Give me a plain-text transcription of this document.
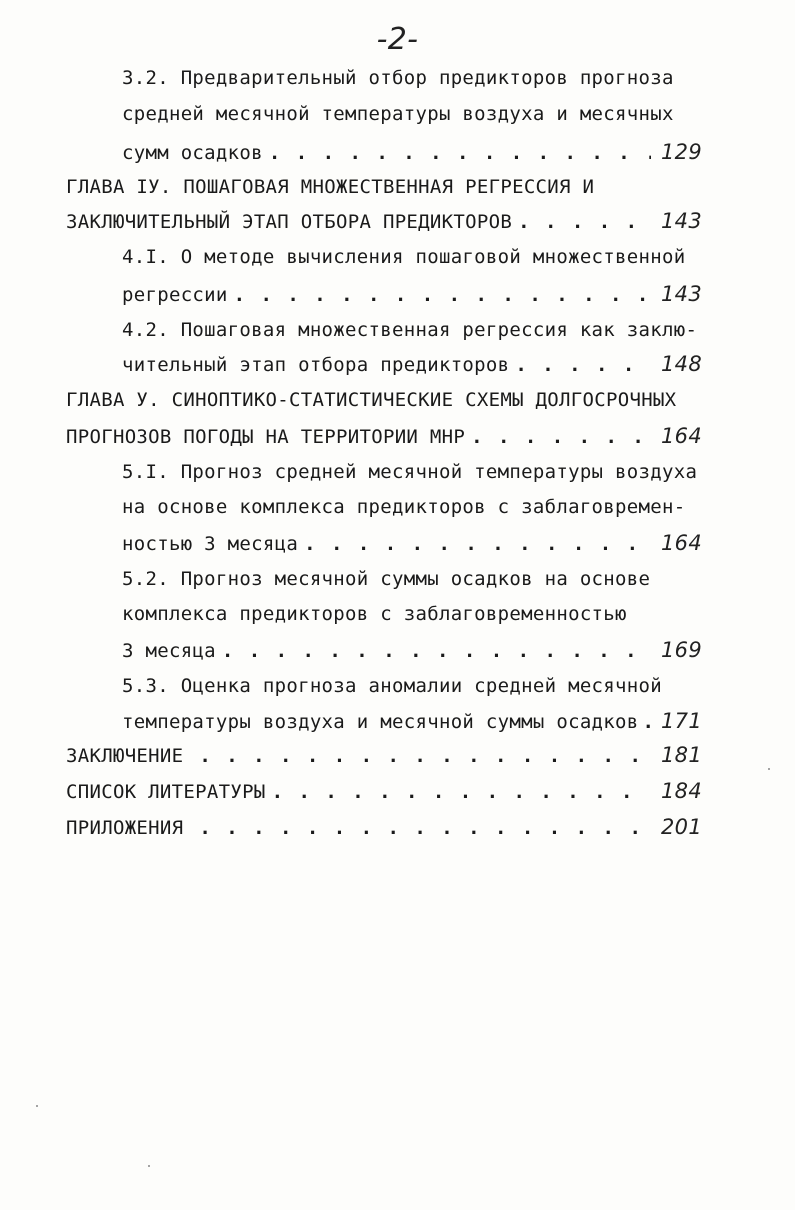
-2-
3.2. Предварительный отбор предикторов прогноза
средней месячной температуры воздуха и месячных
сумм осадков . . .	129
ГЛАВА IУ. ПОШАГОВАЯ МНОЖЕСТВЕННАЯ РЕГРЕССИЯ И
ЗАКЛЮЧИТЕЛЬНЫЙ ЭТАП ОТБОРА ПРЕДИКТОРОВ . . .	143
4.I. О методе вычисления пошаговой множественной
регрессии . . .	143
4.2. Пошаговая множественная регрессия как заклю-
чительный этап отбора предикторов . . .	148
ГЛАВА У. СИНОПТИКО-СТАТИСТИЧЕСКИЕ СХЕМЫ ДОЛГОСРОЧНЫХ
ПРОГНОЗОВ ПОГОДЫ НА ТЕРРИТОРИИ МНР . . .	164
5.I. Прогноз средней месячной температуры воздуха
на основе комплекса предикторов с заблаговремен-
ностью 3 месяца . . .	164
5.2. Прогноз месячной суммы осадков на основе
комплекса предикторов с заблаговременностью
3 месяца . . .	169
5.3. Оценка прогноза аномалии средней месячной
температуры воздуха и месячной суммы осадков . . . 171
ЗАКЛЮЧЕНИЕ . . .	181
СПИСОК ЛИТЕРАТУРЫ . . .	184
ПРИЛОЖЕНИЯ . . .	201
